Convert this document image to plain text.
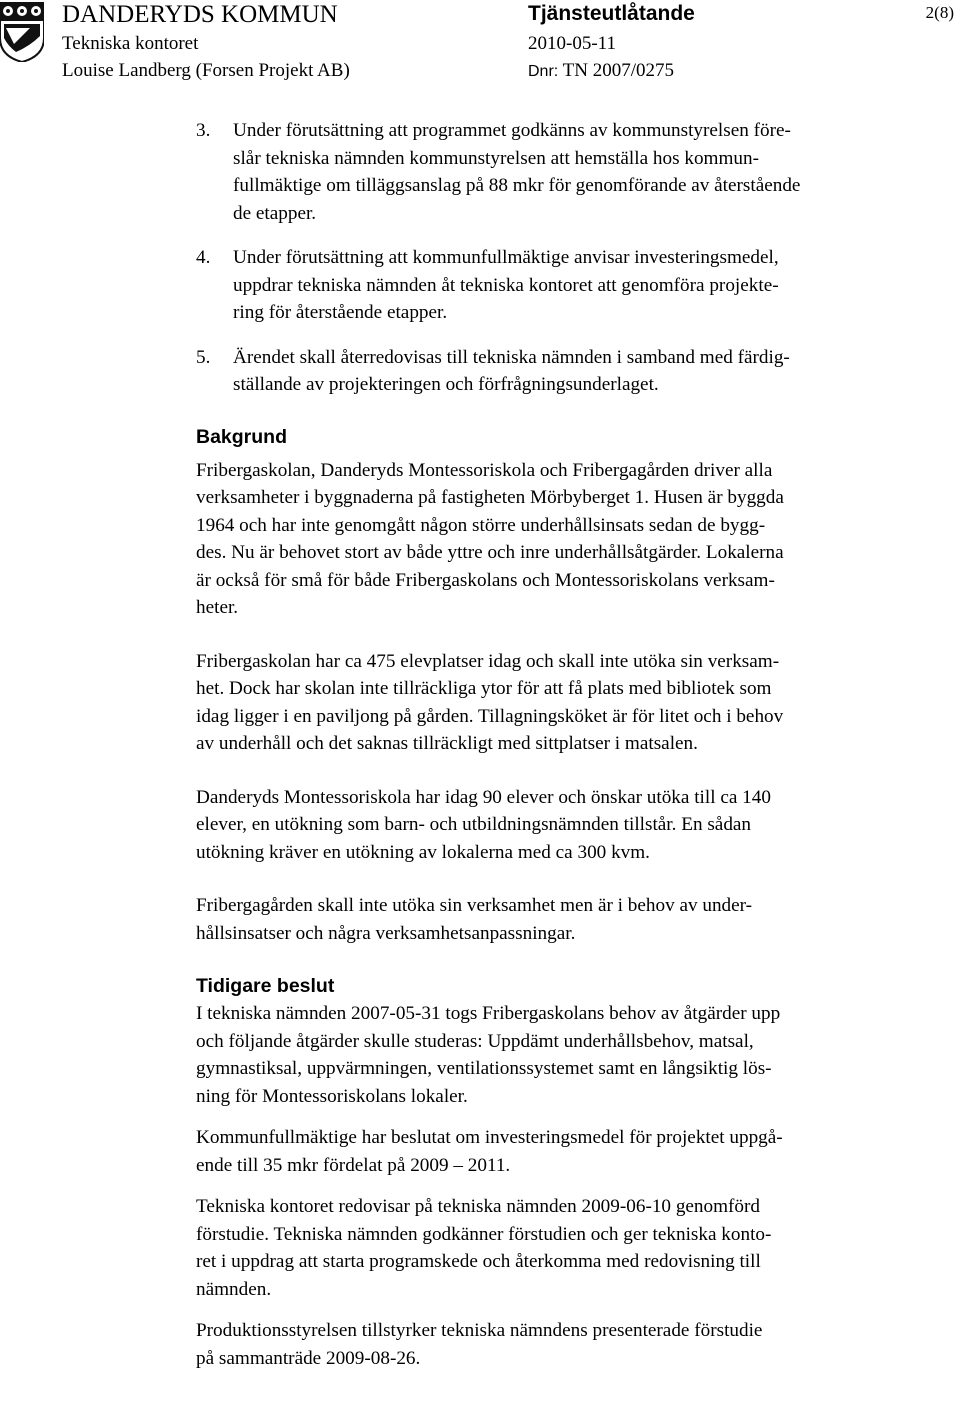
DANDERYDS KOMMUN
Tekniska kontoret
Louise Landberg (Forsen Projekt AB)
Tjänsteutlåtande
2010-05-11
Dnr: TN 2007/0275
2(8)
3. Under förutsättning att programmet godkänns av kommunstyrelsen före-
slår tekniska nämnden kommunstyrelsen att hemställa hos kommun-
fullmäktige om tilläggsanslag på 88 mkr för genomförande av återstående
de etapper.
4. Under förutsättning att kommunfullmäktige anvisar investeringsmedel,
uppdrar tekniska nämnden åt tekniska kontoret att genomföra projekte-
ring för återstående etapper.
5. Ärendet skall återredovisas till tekniska nämnden i samband med färdig-
ställande av projekteringen och förfrågningsunderlaget.
Bakgrund

Fribergaskolan, Danderyds Montessoriskola och Fribergagården driver alla
verksamheter i byggnaderna på fastigheten Mörbyberget 1. Husen är byggda
1964 och har inte genomgått någon större underhållsinsats sedan de bygg-
des. Nu är behovet stort av både yttre och inre underhållsåtgärder. Lokalerna
är också för små för både Fribergaskolans och Montessoriskolans verksam-
heter.

Fribergaskolan har ca 475 elevplatser idag och skall inte utöka sin verksam-
het. Dock har skolan inte tillräckliga ytor för att få plats med bibliotek som
idag ligger i en paviljong på gården. Tillagningsköket är för litet och i behov
av underhåll och det saknas tillräckligt med sittplatser i matsalen.

Danderyds Montessoriskola har idag 90 elever och önskar utöka till ca 140
elever, en utökning som barn- och utbildningsnämnden tillstår. En sådan
utökning kräver en utökning av lokalerna med ca 300 kvm.

Fribergagården skall inte utöka sin verksamhet men är i behov av under-
hållsinsatser och några verksamhetsanpassningar.

Tidigare beslut

I tekniska nämnden 2007-05-31 togs Fribergaskolans behov av åtgärder upp
och följande åtgärder skulle studeras: Uppdämt underhållsbehov, matsal,
gymnastiksal, uppvärmningen, ventilationssystemet samt en långsiktig lös-
ning för Montessoriskolans lokaler.

Kommunfullmäktige har beslutat om investeringsmedel för projektet uppgå-
ende till 35 mkr fördelat på 2009 – 2011.

Tekniska kontoret redovisar på tekniska nämnden 2009-06-10 genomförd
förstudie. Tekniska nämnden godkänner förstudien och ger tekniska konto-
ret i uppdrag att starta programskede och återkomma med redovisning till
nämnden.

Produktionsstyrelsen tillstyrker tekniska nämndens presenterade förstudie
på sammanträde 2009-08-26.
